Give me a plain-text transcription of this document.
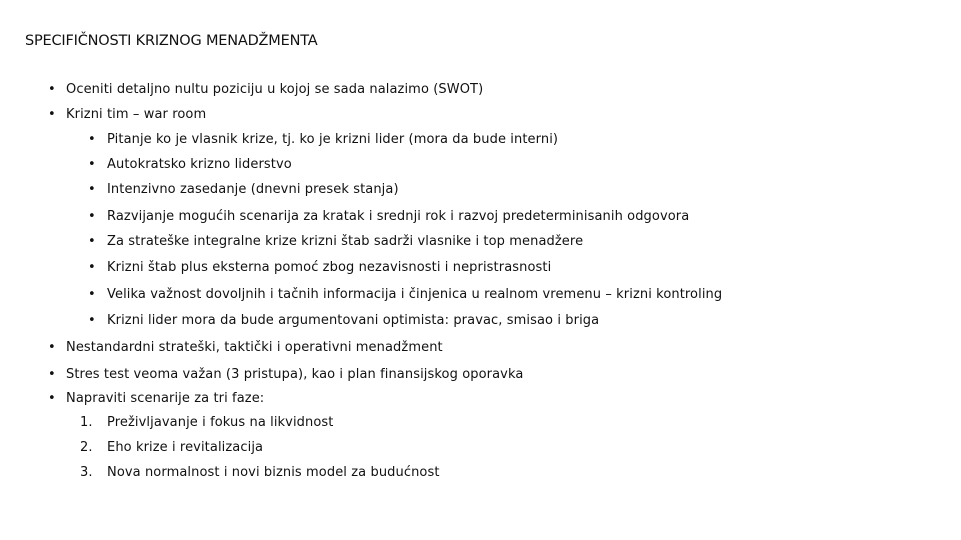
SPECIFIČNOSTI KRIZNOG MENADŽMENTA
• Oceniti detaljno nultu poziciju u kojoj se sada nalazimo (SWOT)
• Krizni tim – war room
• Pitanje ko je vlasnik krize, tj. ko je krizni lider (mora da bude interni)
• Autokratsko krizno liderstvo
• Intenzivno zasedanje (dnevni presek stanja)
• Razvijanje mogućih scenarija za kratak i srednji rok i razvoj predeterminisanih odgovora
• Za strateške integralne krize krizni štab sadrži vlasnike i top menadžere
• Krizni štab plus eksterna pomoć zbog nezavisnosti i nepristrasnosti
• Velika važnost dovoljnih i tačnih informacija i činjenica u realnom vremenu – krizni kontroling
• Krizni lider mora da bude argumentovani optimista: pravac, smisao i briga
• Nestandardni strateški, taktički i operativni menadžment
• Stres test veoma važan (3 pristupa), kao i plan finansijskog oporavka
• Napraviti scenarije za tri faze:
1. Preživljavanje i fokus na likvidnost
2. Eho krize i revitalizacija
3. Nova normalnost i novi biznis model za budućnost
